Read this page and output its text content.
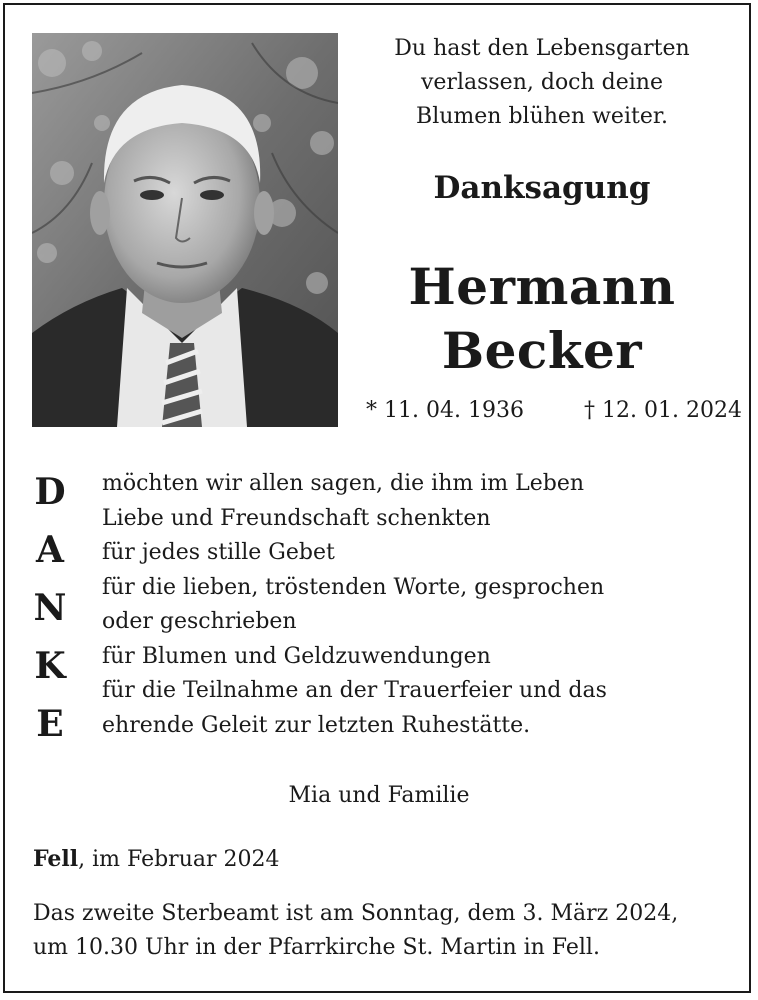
Du hast den Lebensgarten
verlassen, doch deine
Blumen blühen weiter.
Danksagung
Hermann
Becker
* 11. 04. 1936	† 12. 01. 2024
D
A
N
K
E
möchten wir allen sagen, die ihm im Leben
Liebe und Freundschaft schenkten
für jedes stille Gebet
für die lieben, tröstenden Worte, gesprochen
oder geschrieben
für Blumen und Geldzuwendungen
für die Teilnahme an der Trauerfeier und das
ehrende Geleit zur letzten Ruhestätte.
Mia und Familie
Fell, im Februar 2024
Das zweite Sterbeamt ist am Sonntag, dem 3. März 2024,
um 10.30 Uhr in der Pfarrkirche St. Martin in Fell.
